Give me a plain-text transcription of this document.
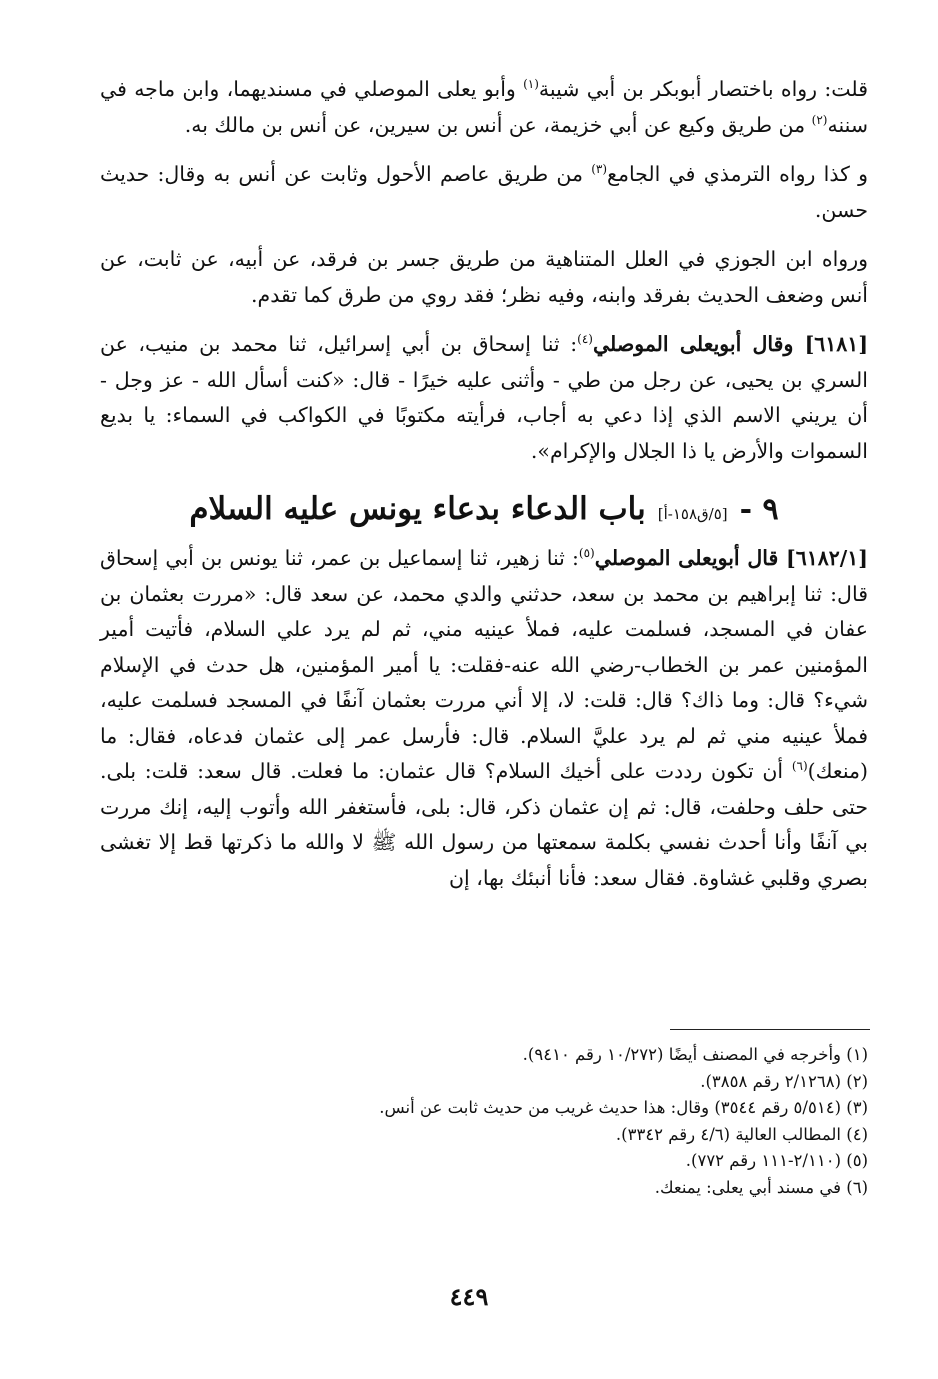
قلت: رواه باختصار أبوبكر بن أبي شيبة$^{(١)}$ وأبو يعلى الموصلي في مسنديهما، وابن ماجه في سننه$^{(٢)}$ من طريق وكيع عن أبي خزيمة، عن أنس بن سيرين، عن أنس بن مالك به.

و كذا رواه الترمذي في الجامع$^{(٣)}$ من طريق عاصم الأحول وثابت عن أنس به وقال: حديث حسن.

ورواه ابن الجوزي في العلل المتناهية من طريق جسر بن فرقد، عن أبيه، عن ثابت، عن أنس وضعف الحديث بفرقد وابنه، وفيه نظر؛ فقد روي من طرق كما تقدم.

[٦١٨١] وقال أبويعلى الموصلي$^{(٤)}$: ثنا إسحاق بن أبي إسرائيل، ثنا محمد بن منيب، عن السري بن يحيى، عن رجل من طي - وأثنى عليه خيرًا - قال: «كنت أسأل الله - عز وجل - أن يريني الاسم الذي إذا دعي به أجاب، فرأيته مكتوبًا في الكواكب في السماء: يا بديع السموات والأرض يا ذا الجلال والإكرام».

٩ -
[٥/ق١٥٨-أ]
باب الدعاء بدعاء يونس عليه السلام

[٦١٨٢/١] قال أبويعلى الموصلي$^{(٥)}$: ثنا زهير، ثنا إسماعيل بن عمر، ثنا يونس بن أبي إسحاق قال: ثنا إبراهيم بن محمد بن سعد، حدثني والدي محمد، عن سعد قال: «مررت بعثمان بن عفان في المسجد، فسلمت عليه، فملأ عينيه مني، ثم لم يرد علي السلام، فأتيت أمير المؤمنين عمر بن الخطاب-رضي الله عنه-فقلت: يا أمير المؤمنين، هل حدث في الإسلام شيء؟ قال: وما ذاك؟ قال: قلت: لا، إلا أني مررت بعثمان آنفًا في المسجد فسلمت عليه، فملأ عينيه مني ثم لم يرد عليَّ السلام. قال: فأرسل عمر إلى عثمان فدعاه، فقال: ما (منعك)$^{(٦)}$ أن تكون رددت على أخيك السلام؟ قال عثمان: ما فعلت. قال سعد: قلت: بلى. حتى حلف وحلفت، قال: ثم إن عثمان ذكر، قال: بلى، فأستغفر الله وأتوب إليه، إنك مررت بي آنفًا وأنا أحدث نفسي بكلمة سمعتها من رسول الله ﷺ لا والله ما ذكرتها قط إلا تغشى بصري وقلبي غشاوة. فقال سعد: فأنا أنبئك بها، إن

(١) وأخرجه في المصنف أيضًا (١٠/٢٧٢ رقم ٩٤١٠).
(٢) (٢/١٢٦٨ رقم ٣٨٥٨).
(٣) (٥/٥١٤ رقم ٣٥٤٤) وقال: هذا حديث غريب من حديث ثابت عن أنس.
(٤) المطالب العالية (٤/٦ رقم ٣٣٤٢).
(٥) (٢/١١٠-١١١ رقم ٧٧٢).
(٦) في مسند أبي يعلى: يمنعك.
٤٤٩
